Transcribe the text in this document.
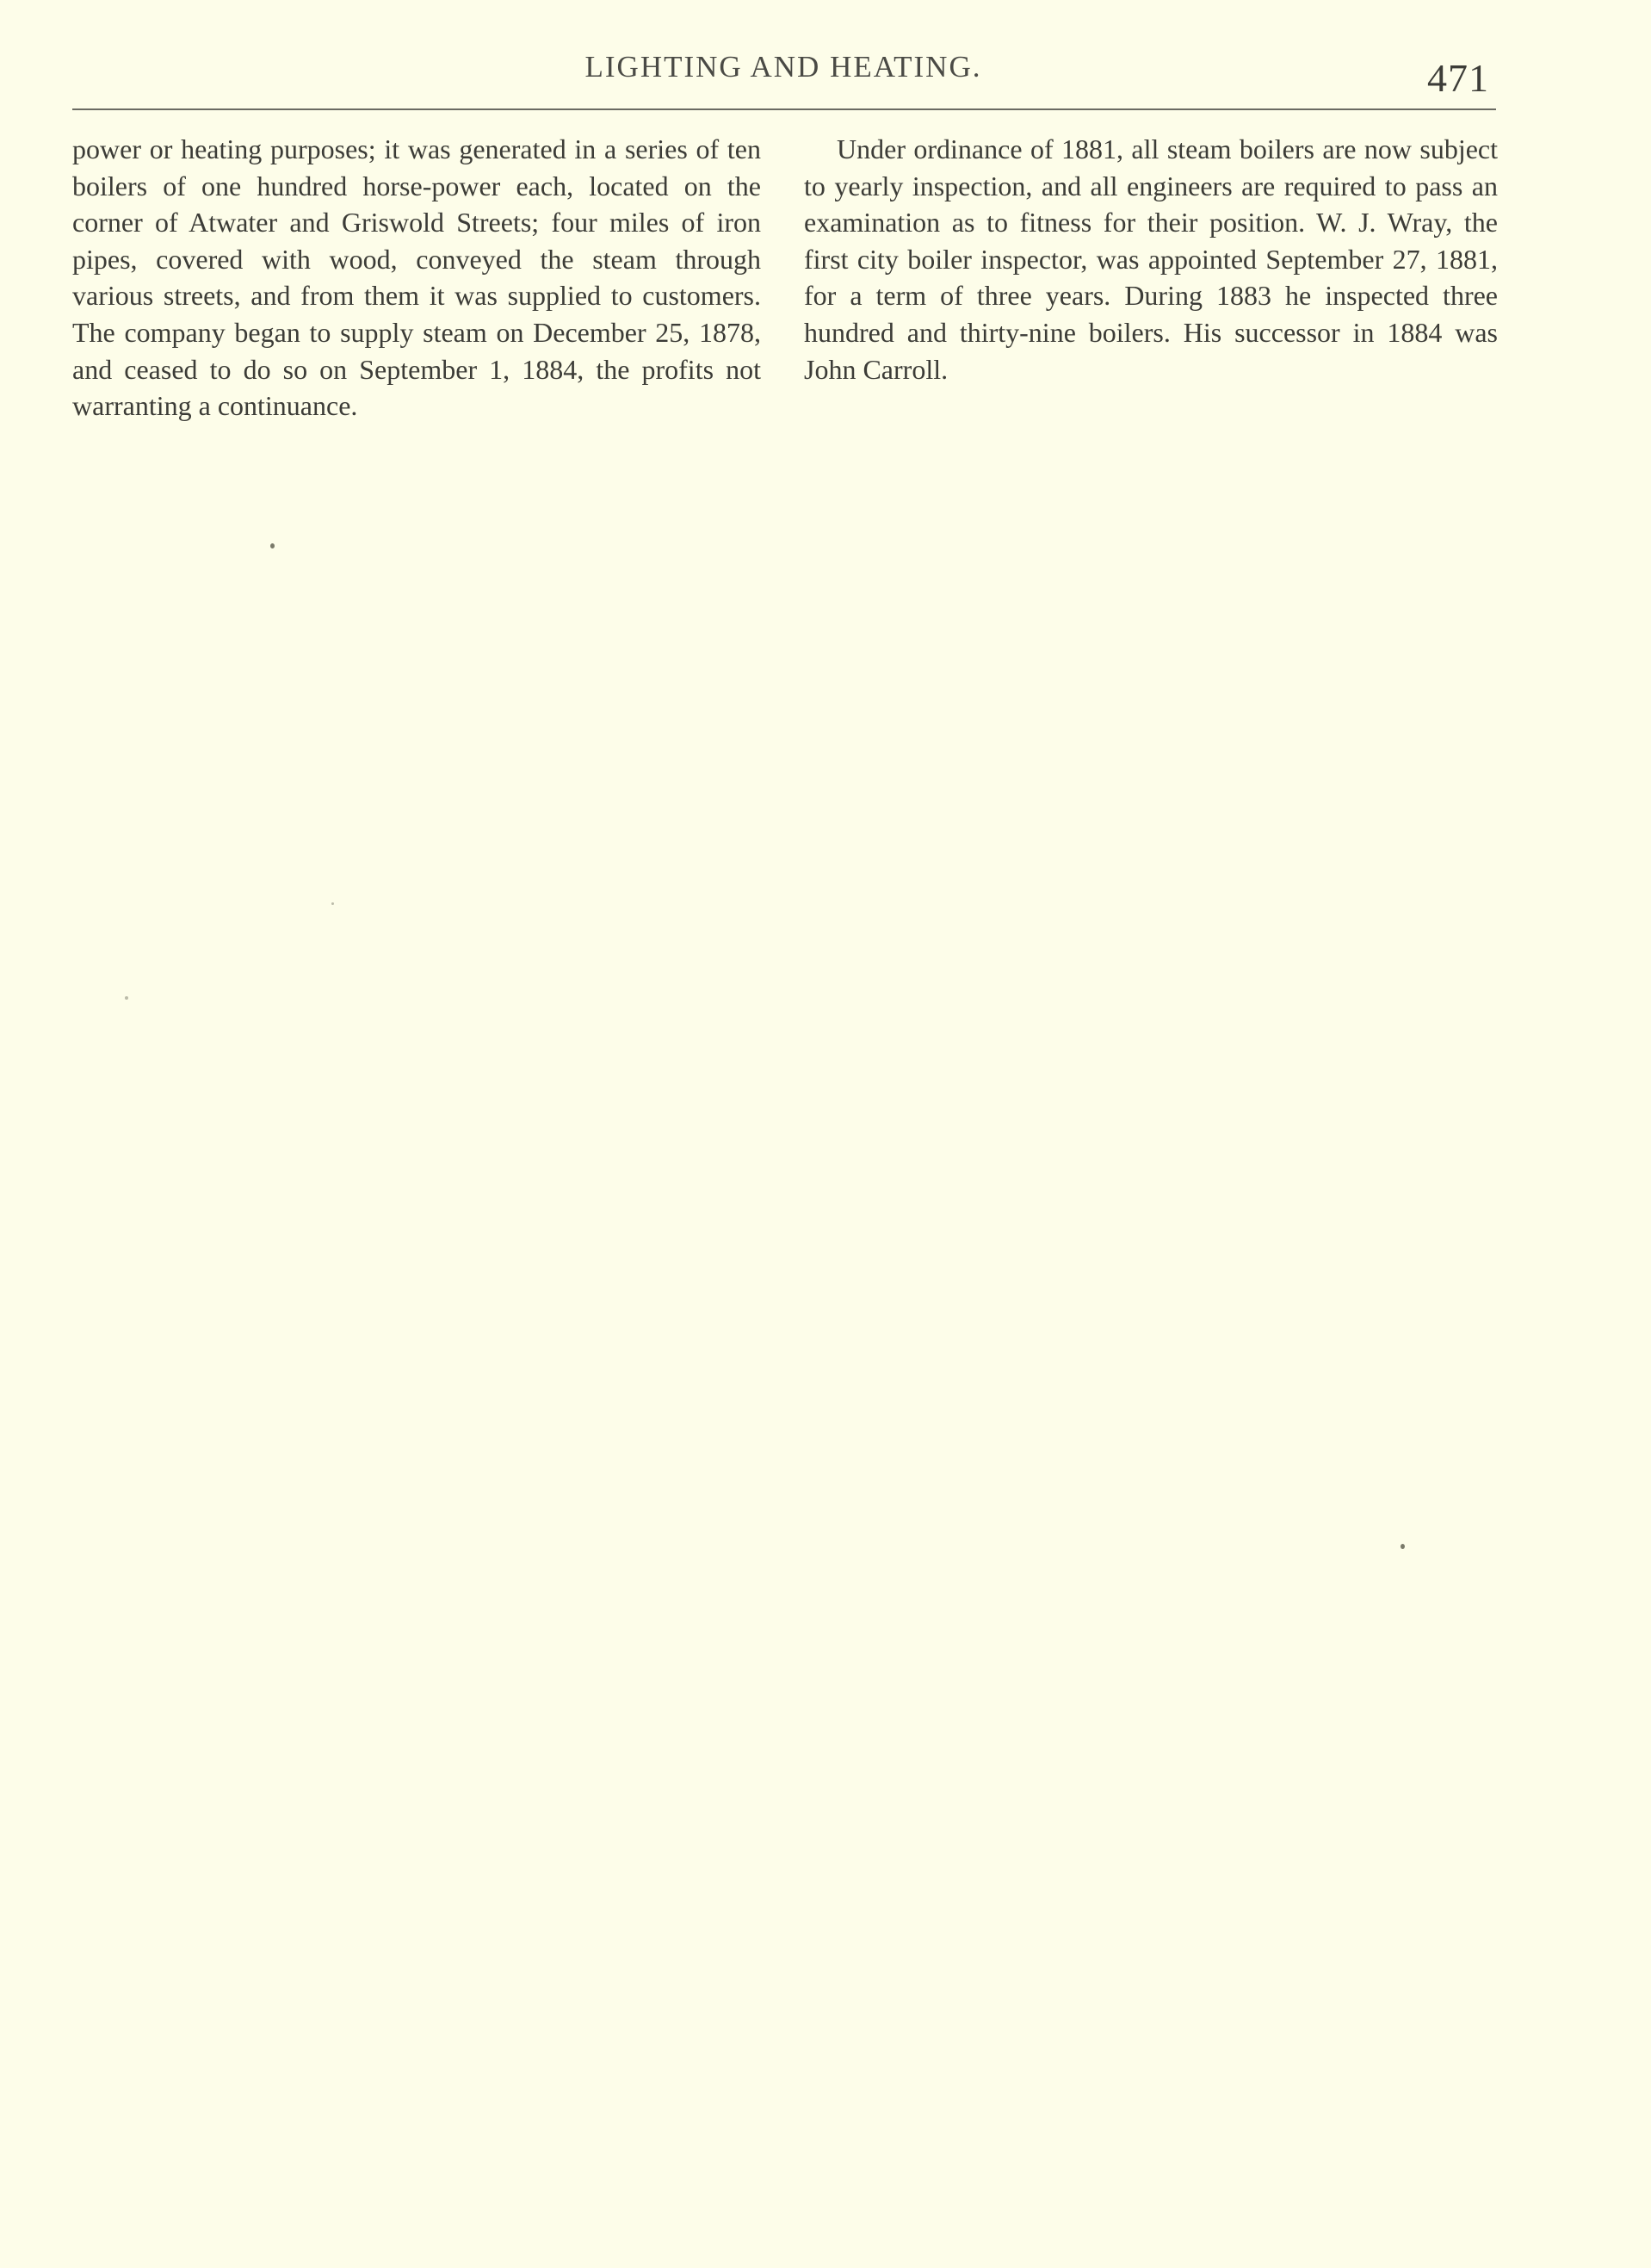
LIGHTING AND HEATING.	471

power or heating purposes; it was generated in a series of ten boilers of one hundred horse-power each, located on the corner of Atwater and Griswold Streets; four miles of iron pipes, covered with wood, conveyed the steam through various streets, and from them it was supplied to customers. The company began to supply steam on December 25, 1878, and ceased to do so on September 1, 1884, the profits not warranting a continuance.

Under ordinance of 1881, all steam boilers are now subject to yearly inspection, and all engineers are required to pass an examination as to fitness for their position. W. J. Wray, the first city boiler inspector, was appointed September 27, 1881, for a term of three years. During 1883 he inspected three hundred and thirty-nine boilers. His successor in 1884 was John Carroll.
